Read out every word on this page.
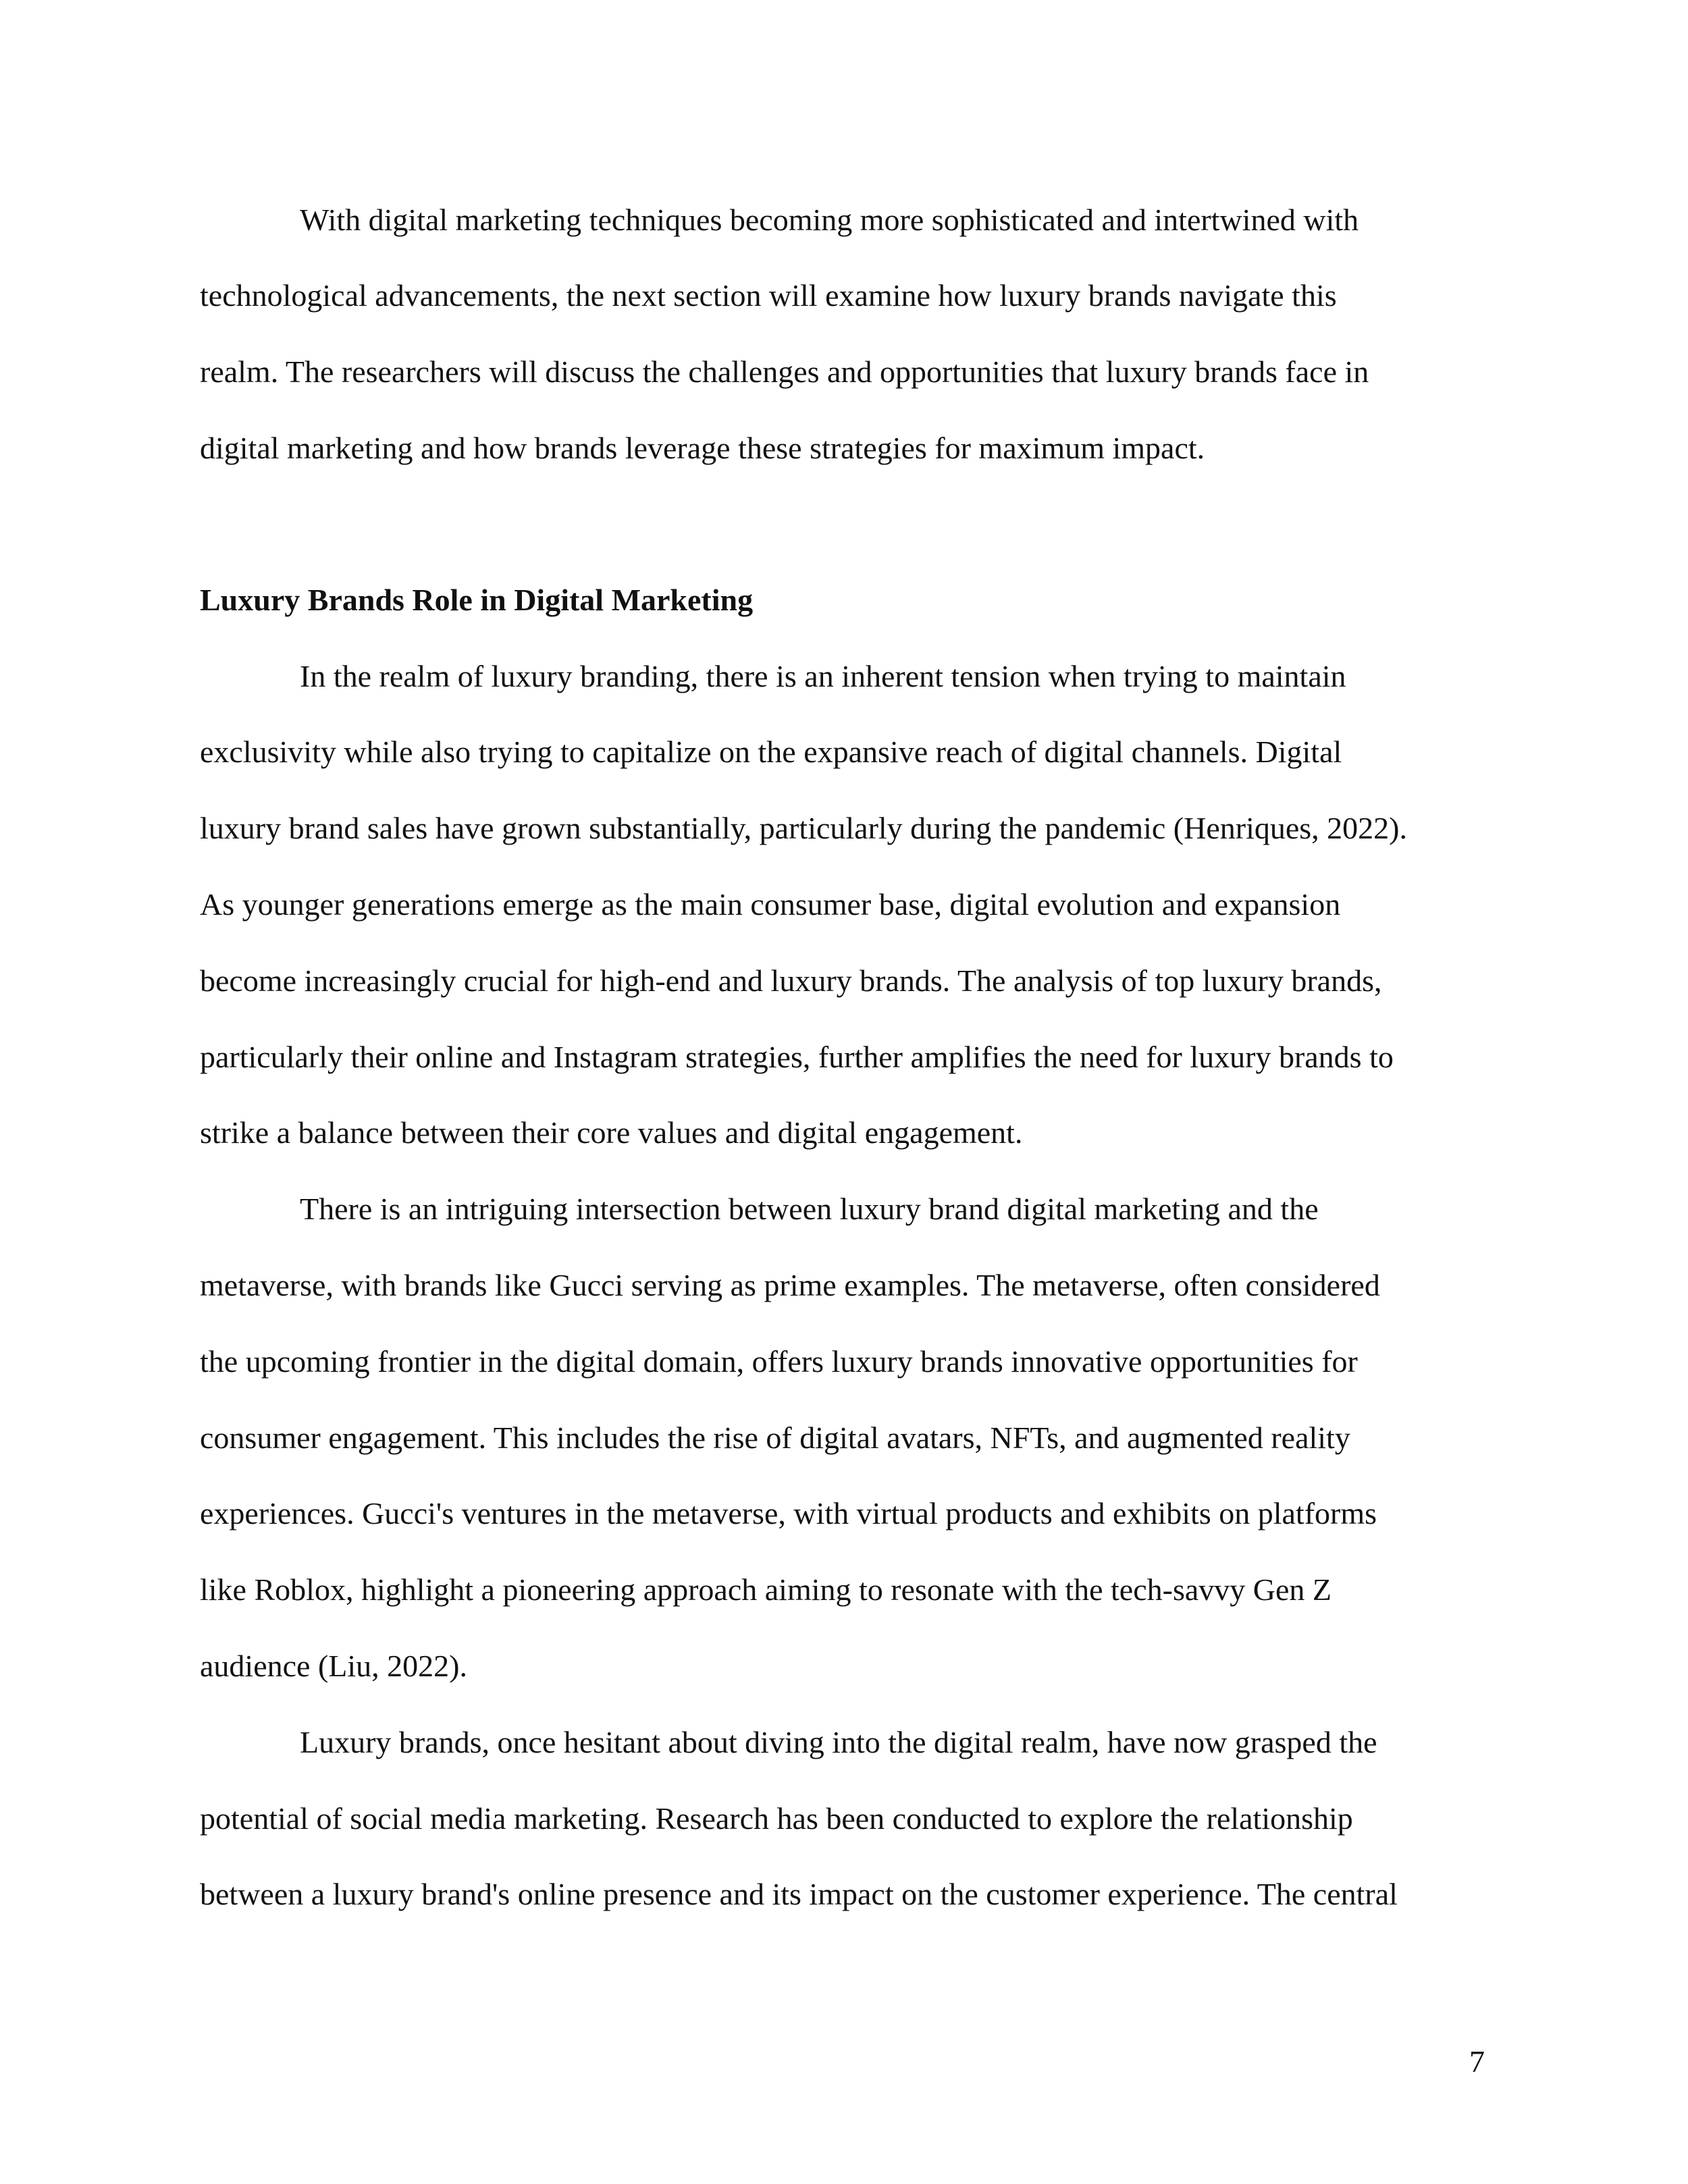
With digital marketing techniques becoming more sophisticated and intertwined with
technological advancements, the next section will examine how luxury brands navigate this
realm. The researchers will discuss the challenges and opportunities that luxury brands face in
digital marketing and how brands leverage these strategies for maximum impact.
Luxury Brands Role in Digital Marketing
In the realm of luxury branding, there is an inherent tension when trying to maintain
exclusivity while also trying to capitalize on the expansive reach of digital channels. Digital
luxury brand sales have grown substantially, particularly during the pandemic (Henriques, 2022).
As younger generations emerge as the main consumer base, digital evolution and expansion
become increasingly crucial for high-end and luxury brands. The analysis of top luxury brands,
particularly their online and Instagram strategies, further amplifies the need for luxury brands to
strike a balance between their core values and digital engagement.
There is an intriguing intersection between luxury brand digital marketing and the
metaverse, with brands like Gucci serving as prime examples. The metaverse, often considered
the upcoming frontier in the digital domain, offers luxury brands innovative opportunities for
consumer engagement. This includes the rise of digital avatars, NFTs, and augmented reality
experiences. Gucci's ventures in the metaverse, with virtual products and exhibits on platforms
like Roblox, highlight a pioneering approach aiming to resonate with the tech-savvy Gen Z
audience (Liu, 2022).
Luxury brands, once hesitant about diving into the digital realm, have now grasped the
potential of social media marketing. Research has been conducted to explore the relationship
between a luxury brand's online presence and its impact on the customer experience. The central
7
